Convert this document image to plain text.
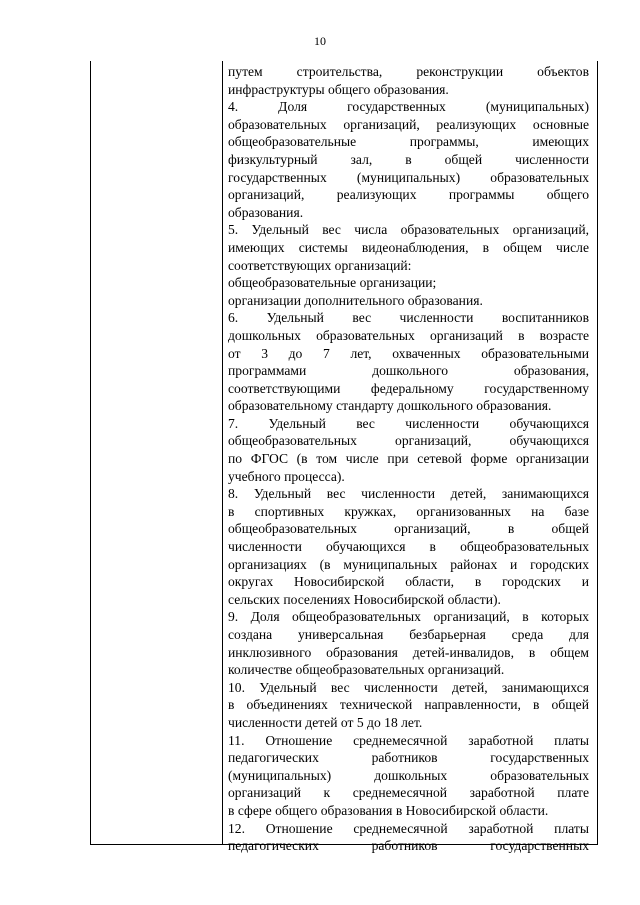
10
путем строительства, реконструкции объектов
инфраструктуры общего образования.
4. Доля государственных (муниципальных)
образовательных организаций, реализующих основные
общеобразовательные программы, имеющих
физкультурный зал, в общей численности
государственных (муниципальных) образовательных
организаций, реализующих программы общего
образования.
5. Удельный вес числа образовательных организаций,
имеющих системы видеонаблюдения, в общем числе
соответствующих организаций:
общеобразовательные организации;
организации дополнительного образования.
6. Удельный вес численности воспитанников
дошкольных образовательных организаций в возрасте
от 3 до 7 лет, охваченных образовательными
программами дошкольного образования,
соответствующими федеральному государственному
образовательному стандарту дошкольного образования.
7. Удельный вес численности обучающихся
общеобразовательных организаций, обучающихся
по ФГОС (в том числе при сетевой форме организации
учебного процесса).
8. Удельный вес численности детей, занимающихся
в спортивных кружках, организованных на базе
общеобразовательных организаций, в общей
численности обучающихся в общеобразовательных
организациях (в муниципальных районах и городских
округах Новосибирской области, в городских и
сельских поселениях Новосибирской области).
9. Доля общеобразовательных организаций, в которых
создана универсальная безбарьерная среда для
инклюзивного образования детей-инвалидов, в общем
количестве общеобразовательных организаций.
10. Удельный вес численности детей, занимающихся
в объединениях технической направленности, в общей
численности детей от 5 до 18 лет.
11. Отношение среднемесячной заработной платы
педагогических работников государственных
(муниципальных) дошкольных образовательных
организаций к среднемесячной заработной плате
в сфере общего образования в Новосибирской области.
12. Отношение среднемесячной заработной платы
педагогических работников государственных
